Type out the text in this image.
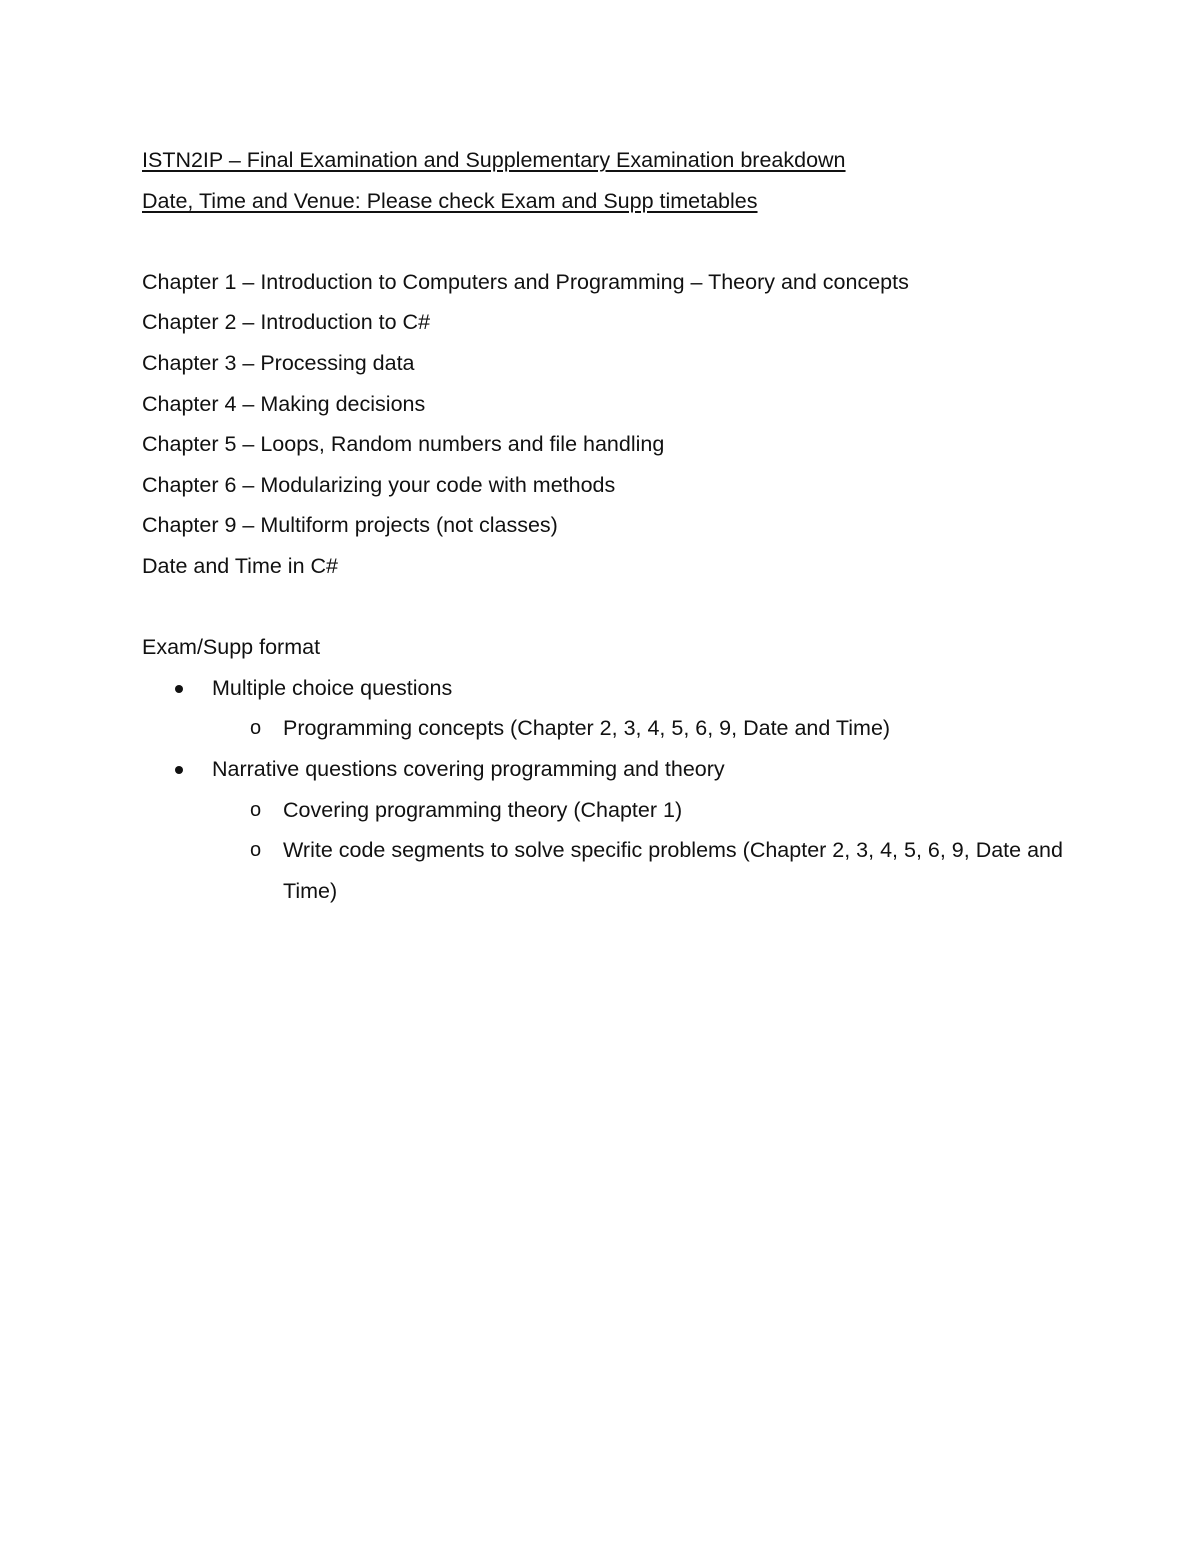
ISTN2IP – Final Examination and Supplementary Examination breakdown

Date, Time and Venue: Please check Exam and Supp timetables

Chapter 1 – Introduction to Computers and Programming – Theory and concepts

Chapter 2 – Introduction to C#

Chapter 3 – Processing data

Chapter 4 – Making decisions

Chapter 5 – Loops, Random numbers and file handling

Chapter 6 – Modularizing your code with methods

Chapter 9 – Multiform projects (not classes)

Date and Time in C#

Exam/Supp format

Multiple choice questions
o Programming concepts (Chapter 2, 3, 4, 5, 6, 9, Date and Time)
Narrative questions covering programming and theory
o Covering programming theory (Chapter 1)
o Write code segments to solve specific problems (Chapter 2, 3, 4, 5, 6, 9, Date and Time)
